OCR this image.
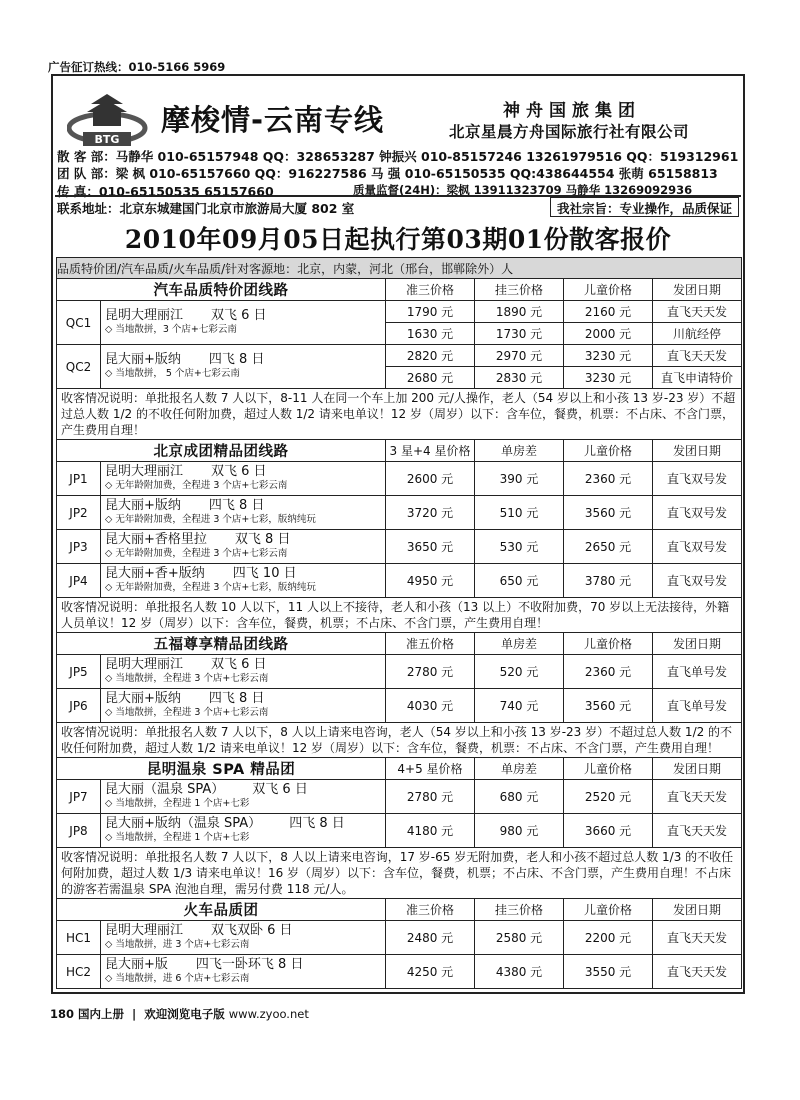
广告征订热线：010-5166 5969
BTG
摩梭情-云南专线	神舟国旅集团
北京星晨方舟国际旅行社有限公司
散 客 部：马静华 010-65157948 QQ：328653287 钟振兴 010-85157246 13261979516 QQ：519312961
团 队 部：梁 枫 010-65157660 QQ：916227586 马 强 010-65150535 QQ:438644554 张萌 65158813
传 真：010-65150535 65157660	质量监督(24H)：梁枫 13911323709 马静华 13269092936
联系地址：北京东城建国门北京市旅游局大厦 802 室	我社宗旨：专业操作，品质保证
2010年09月05日起执行第03期01份散客报价
品质特价团/汽车品质/火车品质/针对客源地：北京，内蒙，河北（邢台，邯郸除外）人					
汽车品质特价团线路		准三价格	挂三价格	儿童价格	发团日期
QC1	昆明大理丽江 双飞 6 日
◇ 当地散拼，3 个店+七彩云南	1790 元	1890 元	2160 元	直飞天天发
		1630 元	1730 元	2000 元	川航经停
QC2	昆大丽+版纳 四飞 8 日
◇ 当地散拼， 5 个店+七彩云南	2820 元	2970 元	3230 元	直飞天天发
		2680 元	2830 元	3230 元	直飞申请特价
收客情况说明：单批报名人数 7 人以下，8-11 人在同一个车上加 200 元/人操作，老人（54 岁以上和小孩 13 岁-23 岁）不超过总人数 1/2 的不收任何附加费，超过人数 1/2 请来电单议！12 岁（周岁）以下：含车位，餐费，机票：不占床、不含门票，产生费用自理！					
北京成团精品团线路		3 星+4 星价格	单房差	儿童价格	发团日期
JP1	昆明大理丽江 双飞 6 日
◇ 无年龄附加费，全程进 3 个店+七彩云南	2600 元	390 元	2360 元	直飞双号发
JP2	昆大丽+版纳 四飞 8 日
◇ 无年龄附加费，全程进 3 个店+七彩，版纳纯玩	3720 元	510 元	3560 元	直飞双号发
JP3	昆大丽+香格里拉 双飞 8 日
◇ 无年龄附加费，全程进 3 个店+七彩云南	3650 元	530 元	2650 元	直飞双号发
JP4	昆大丽+香+版纳 四飞 10 日
◇ 无年龄附加费，全程进 3 个店+七彩，版纳纯玩	4950 元	650 元	3780 元	直飞双号发
收客情况说明：单批报名人数 10 人以下，11 人以上不接待，老人和小孩（13 以上）不收附加费，70 岁以上无法接待，外籍人员单议！12 岁（周岁）以下：含车位，餐费，机票；不占床、不含门票，产生费用自理！					
五福尊享精品团线路		准五价格	单房差	儿童价格	发团日期
JP5	昆明大理丽江 双飞 6 日
◇ 当地散拼，全程进 3 个店+七彩云南	2780 元	520 元	2360 元	直飞单号发
JP6	昆大丽+版纳 四飞 8 日
◇ 当地散拼，全程进 3 个店+七彩云南	4030 元	740 元	3560 元	直飞单号发
收客情况说明：单批报名人数 7 人以下，8 人以上请来电咨询，老人（54 岁以上和小孩 13 岁-23 岁）不超过总人数 1/2 的不收任何附加费，超过人数 1/2 请来电单议！12 岁（周岁）以下：含车位，餐费，机票：不占床、不含门票，产生费用自理！					
昆明温泉 SPA 精品团		4+5 星价格	单房差	儿童价格	发团日期
JP7	昆大丽（温泉 SPA） 双飞 6 日
◇ 当地散拼，全程进 1 个店+七彩	2780 元	680 元	2520 元	直飞天天发
JP8	昆大丽+版纳（温泉 SPA） 四飞 8 日
◇ 当地散拼，全程进 1 个店+七彩	4180 元	980 元	3660 元	直飞天天发
收客情况说明：单批报名人数 7 人以下，8 人以上请来电咨询，17 岁-65 岁无附加费，老人和小孩不超过总人数 1/3 的不收任何附加费，超过人数 1/3 请来电单议！16 岁（周岁）以下：含车位，餐费，机票；不占床、不含门票，产生费用自理！不占床的游客若需温泉 SPA 泡池自理，需另付费 118 元/人。					
火车品质团		准三价格	挂三价格	儿童价格	发团日期
HC1	昆明大理丽江 双飞双卧 6 日
◇ 当地散拼，进 3 个店+七彩云南	2480 元	2580 元	2200 元	直飞天天发
HC2	昆大丽+版 四飞一卧环飞 8 日
◇ 当地散拼，进 6 个店+七彩云南	4250 元	4380 元	3550 元	直飞天天发
180 国内上册 | 欢迎浏览电子版 www.zyoo.net
